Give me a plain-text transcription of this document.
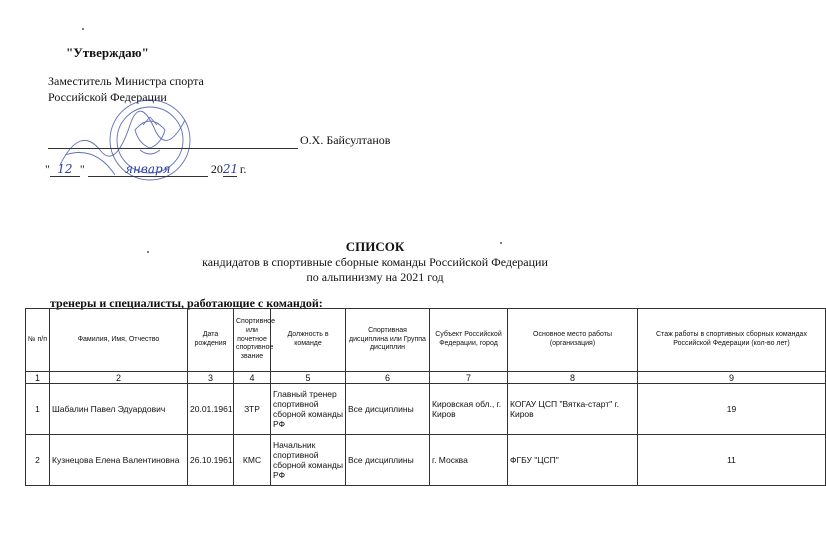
"Утверждаю"
Заместитель Министра спорта
Российской Федерации
О.Х. Байсултанов
" 12 "	января	2021 г.
СПИСОК
кандидатов в спортивные сборные команды Российской Федерации
по альпинизму на 2021 год
тренеры и специалисты, работающие с командой:
№ п/п	Фамилия, Имя, Отчество	Дата рождения	Спортивное или почетное спортивное звание	Должность в команде	Спортивная дисциплина или Группа дисциплин	Субъект Российской Федерации, город	Основное место работы (организация)	Стаж работы в спортивных сборных командах Российской Федерации (кол-во лет)
1	2	3	4	5	6	7	8	9
1	Шабалин Павел Эдуардович	20.01.1961	ЗТР	Главный тренер спортивной сборной команды РФ	Все дисциплины	Кировская обл., г. Киров	КОГАУ ЦСП "Вятка-старт" г. Киров	19
2	Кузнецова Елена Валентиновна	26.10.1961	КМС	Начальник спортивной сборной команды РФ	Все дисциплины	г. Москва	ФГБУ "ЦСП"	11
